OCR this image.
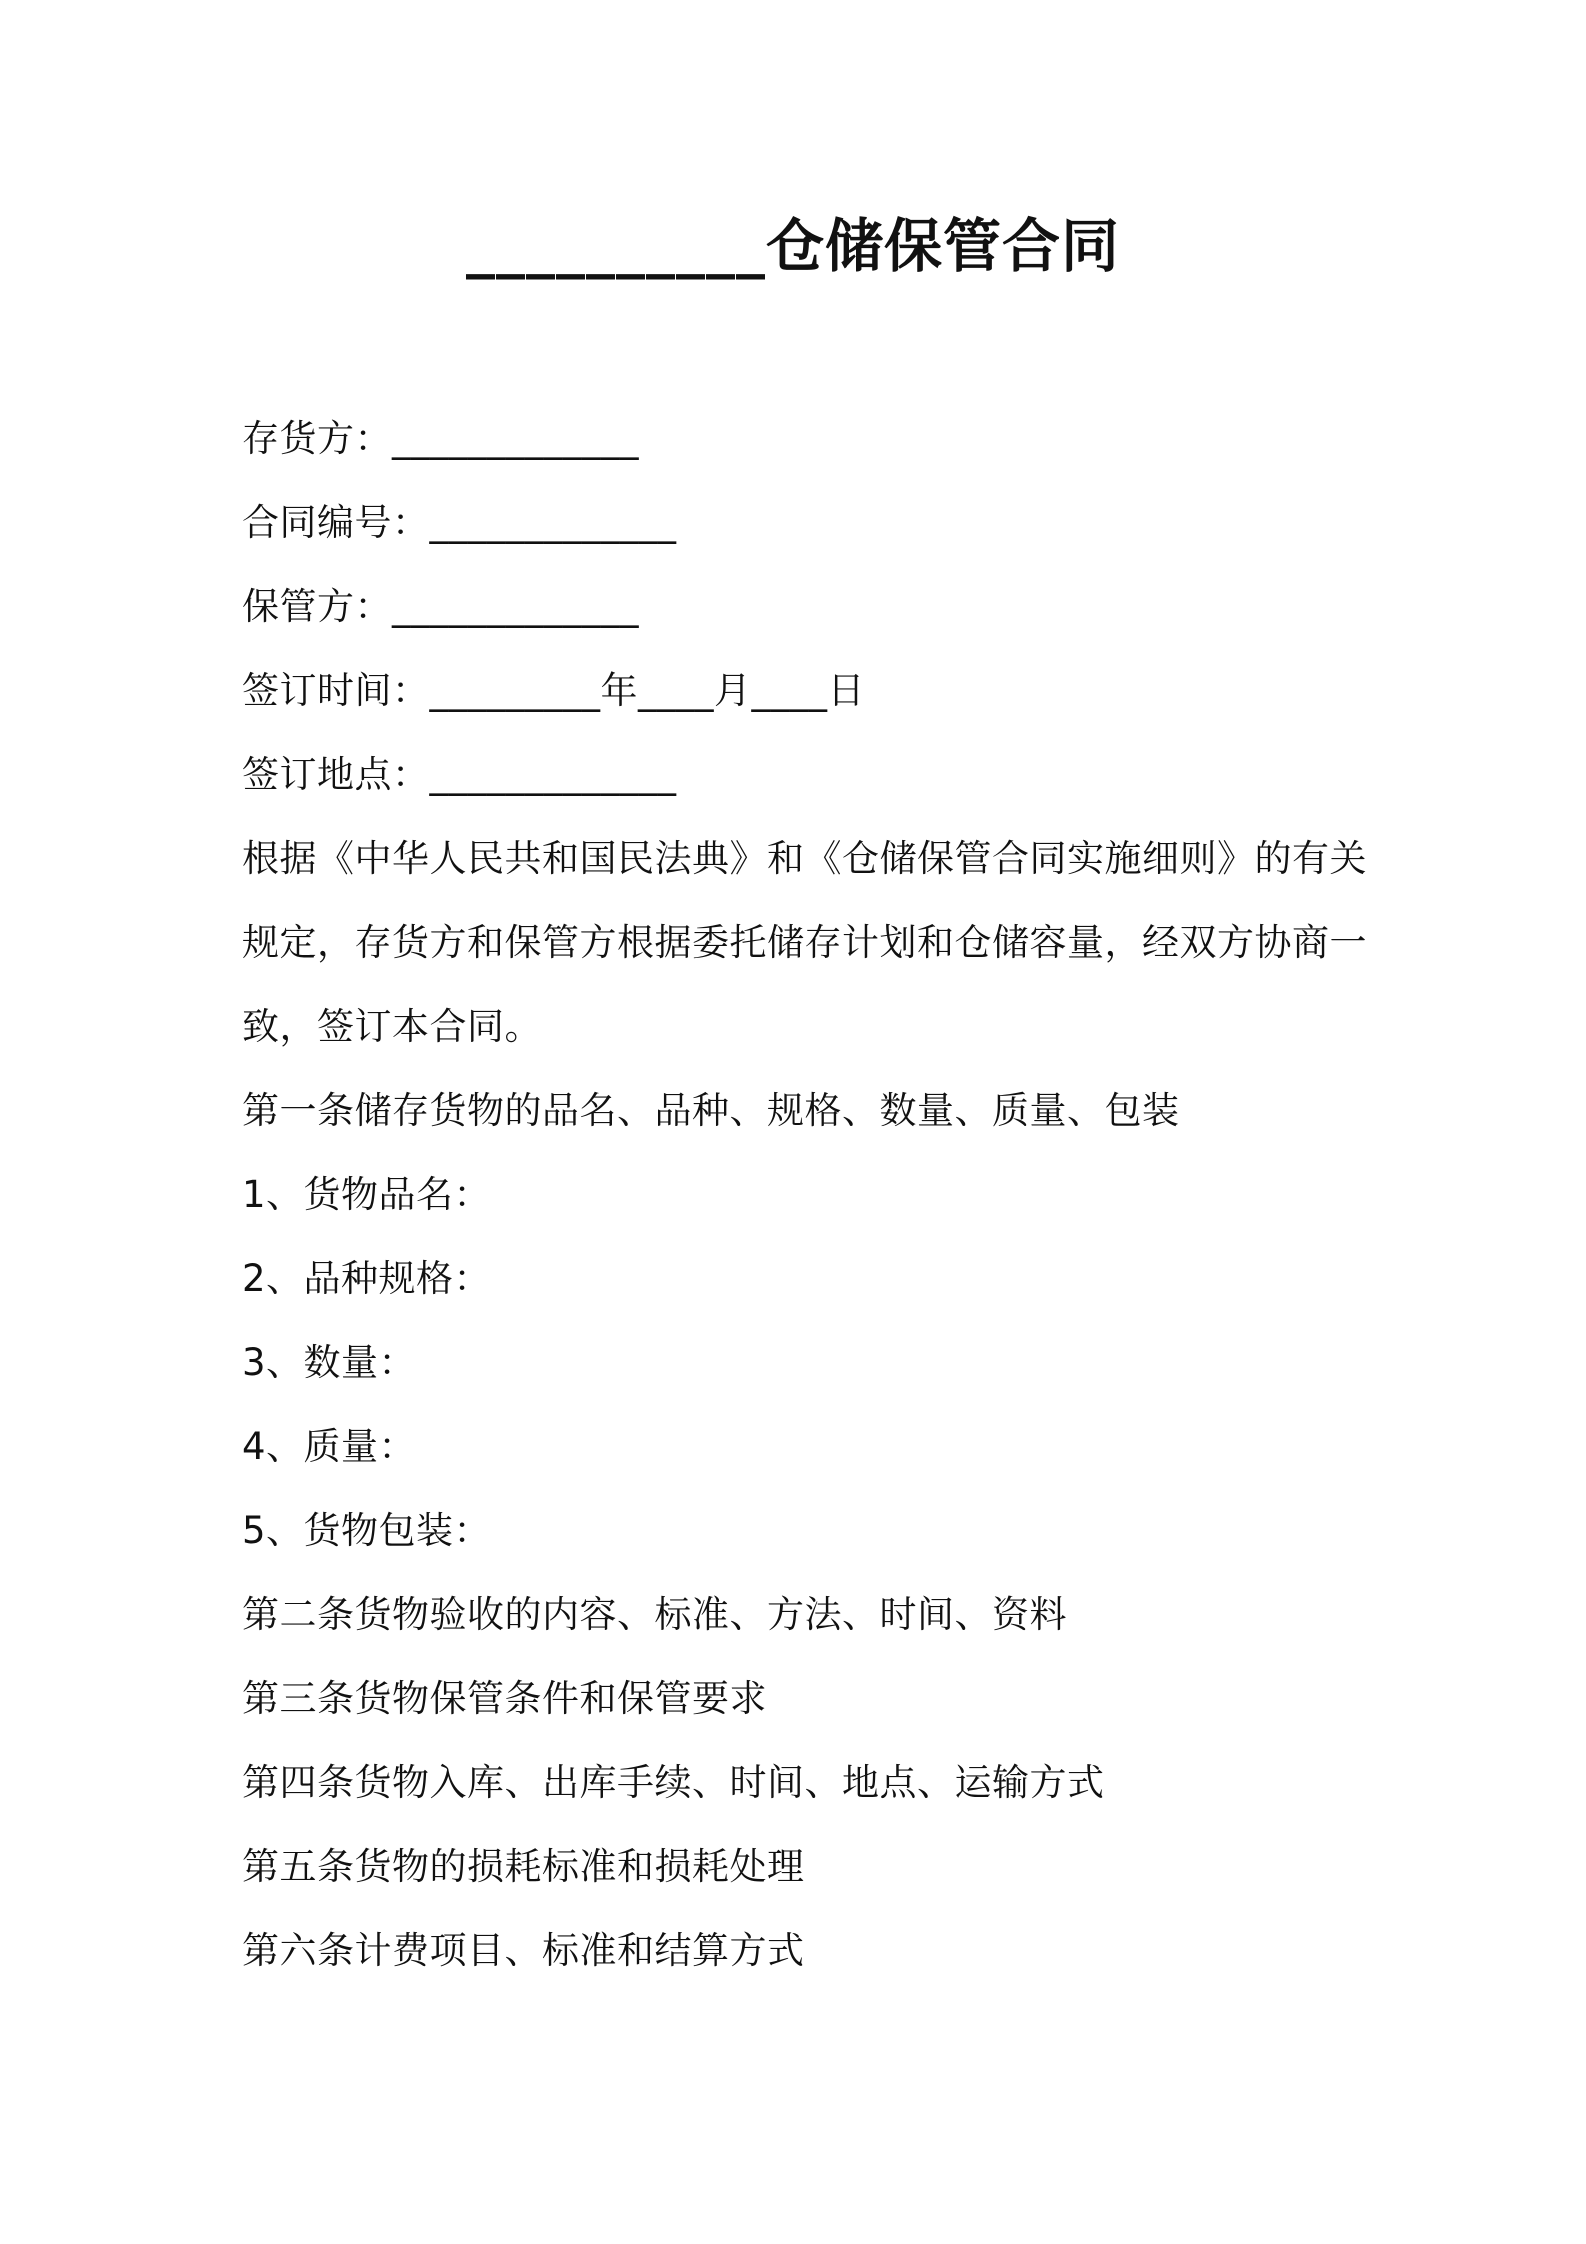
__________仓储保管合同
存货方：_____________
合同编号：_____________
保管方：_____________
签订时间：_________年____月____日
签订地点：_____________
根据《中华人民共和国民法典》和《仓储保管合同实施细则》的有关
规定，存货方和保管方根据委托储存计划和仓储容量，经双方协商一
致，签订本合同。
第一条储存货物的品名、品种、规格、数量、质量、包装
1、货物品名：
2、品种规格：
3、数量：
4、质量：
5、货物包装：
第二条货物验收的内容、标准、方法、时间、资料
第三条货物保管条件和保管要求
第四条货物入库、出库手续、时间、地点、运输方式
第五条货物的损耗标准和损耗处理
第六条计费项目、标准和结算方式
